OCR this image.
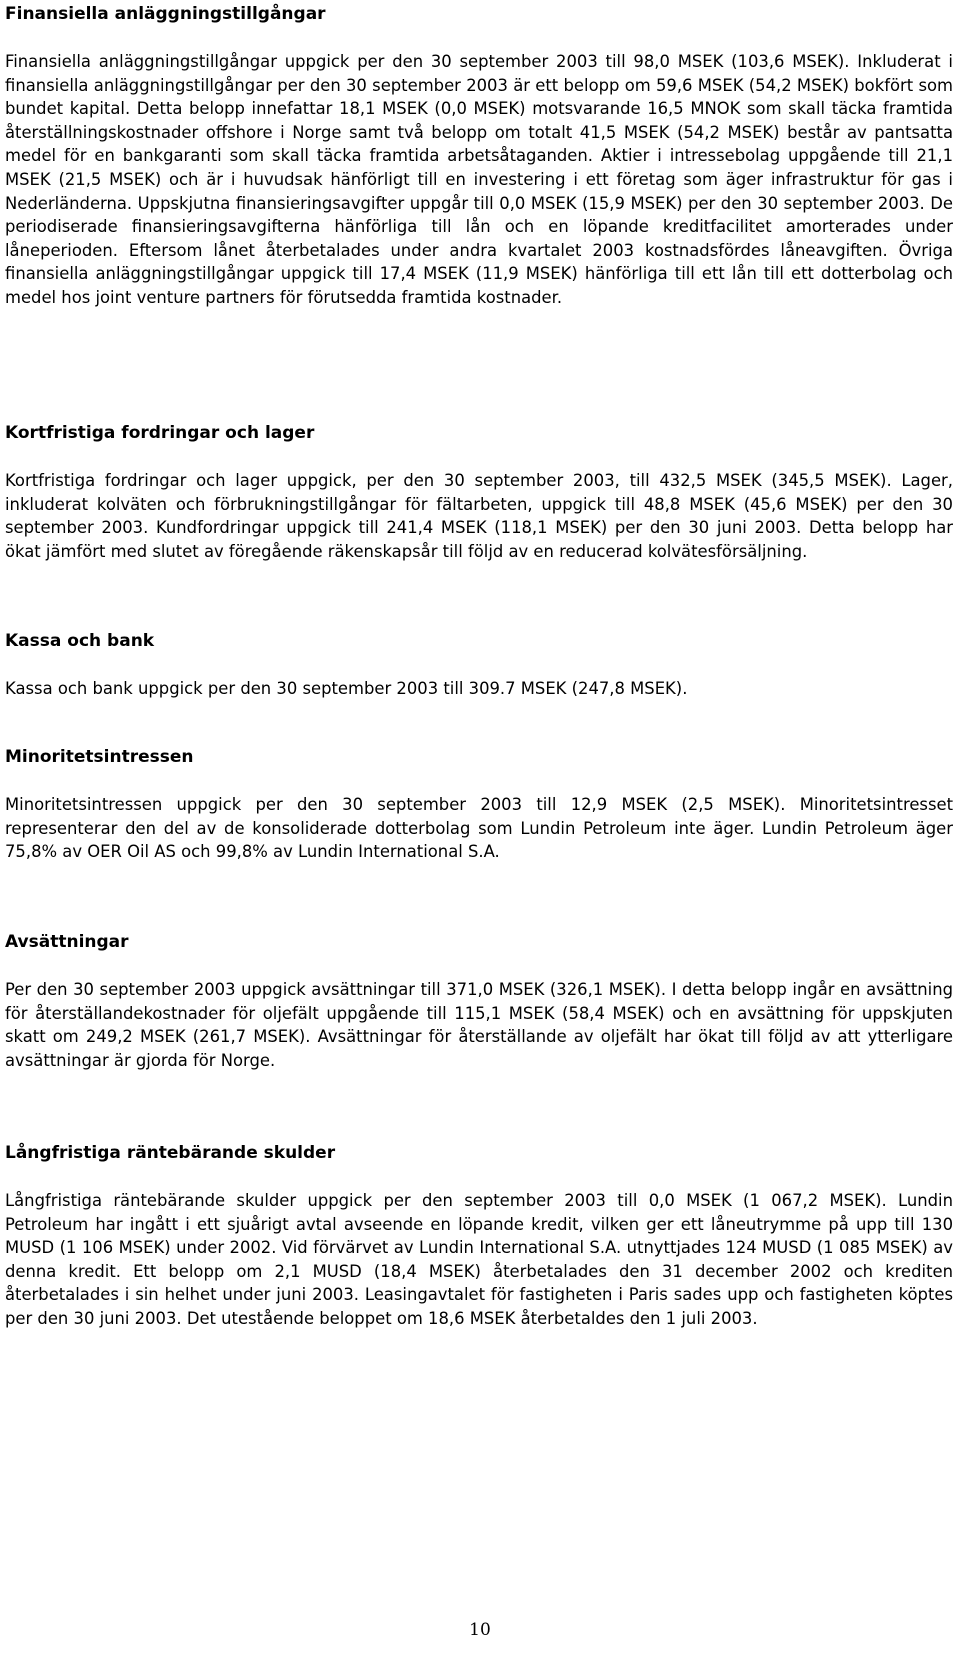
Finansiella anläggningstillgångar

Finansiella anläggningstillgångar uppgick per den 30 september 2003 till 98,0 MSEK (103,6 MSEK). Inkluderat i finansiella anläggningstillgångar per den 30 september 2003 är ett belopp om 59,6 MSEK (54,2 MSEK) bokfört som bundet kapital. Detta belopp innefattar 18,1 MSEK (0,0 MSEK) motsvarande 16,5 MNOK som skall täcka framtida återställningskostnader offshore i Norge samt två belopp om totalt 41,5 MSEK (54,2 MSEK) består av pantsatta medel för en bankgaranti som skall täcka framtida arbetsåtaganden. Aktier i intressebolag uppgående till 21,1 MSEK (21,5 MSEK) och är i huvudsak hänförligt till en investering i ett företag som äger infrastruktur för gas i Nederländerna. Uppskjutna finansieringsavgifter uppgår till 0,0 MSEK (15,9 MSEK) per den 30 september 2003. De periodiserade finansieringsavgifterna hänförliga till lån och en löpande kreditfacilitet amorterades under låneperioden. Eftersom lånet återbetalades under andra kvartalet 2003 kostnadsfördes låneavgiften. Övriga finansiella anläggningstillgångar uppgick till 17,4 MSEK (11,9 MSEK) hänförliga till ett lån till ett dotterbolag och medel hos joint venture partners för förutsedda framtida kostnader.

Kortfristiga fordringar och lager

Kortfristiga fordringar och lager uppgick, per den 30 september 2003, till 432,5 MSEK (345,5 MSEK). Lager, inkluderat kolväten och förbrukningstillgångar för fältarbeten, uppgick till 48,8 MSEK (45,6 MSEK) per den 30 september 2003. Kundfordringar uppgick till 241,4 MSEK (118,1 MSEK) per den 30 juni 2003. Detta belopp har ökat jämfört med slutet av föregående räkenskapsår till följd av en reducerad kolvätesförsäljning.

Kassa och bank

Kassa och bank uppgick per den 30 september 2003 till 309.7 MSEK (247,8 MSEK).

Minoritetsintressen

Minoritetsintressen uppgick per den 30 september 2003 till 12,9 MSEK (2,5 MSEK). Minoritetsintresset representerar den del av de konsoliderade dotterbolag som Lundin Petroleum inte äger. Lundin Petroleum äger 75,8% av OER Oil AS och 99,8% av Lundin International S.A.

Avsättningar

Per den 30 september 2003 uppgick avsättningar till 371,0 MSEK (326,1 MSEK). I detta belopp ingår en avsättning för återställandekostnader för oljefält uppgående till 115,1 MSEK (58,4 MSEK) och en avsättning för uppskjuten skatt om 249,2 MSEK (261,7 MSEK). Avsättningar för återställande av oljefält har ökat till följd av att ytterligare avsättningar är gjorda för Norge.

Långfristiga räntebärande skulder

Långfristiga räntebärande skulder uppgick per den september 2003 till 0,0 MSEK (1 067,2 MSEK). Lundin Petroleum har ingått i ett sjuårigt avtal avseende en löpande kredit, vilken ger ett låneutrymme på upp till 130 MUSD (1 106 MSEK) under 2002. Vid förvärvet av Lundin International S.A. utnyttjades 124 MUSD (1 085 MSEK) av denna kredit. Ett belopp om 2,1 MUSD (18,4 MSEK) återbetalades den 31 december 2002 och krediten återbetalades i sin helhet under juni 2003. Leasingavtalet för fastigheten i Paris sades upp och fastigheten köptes per den 30 juni 2003. Det utestående beloppet om 18,6 MSEK återbetaldes den 1 juli 2003.

10
